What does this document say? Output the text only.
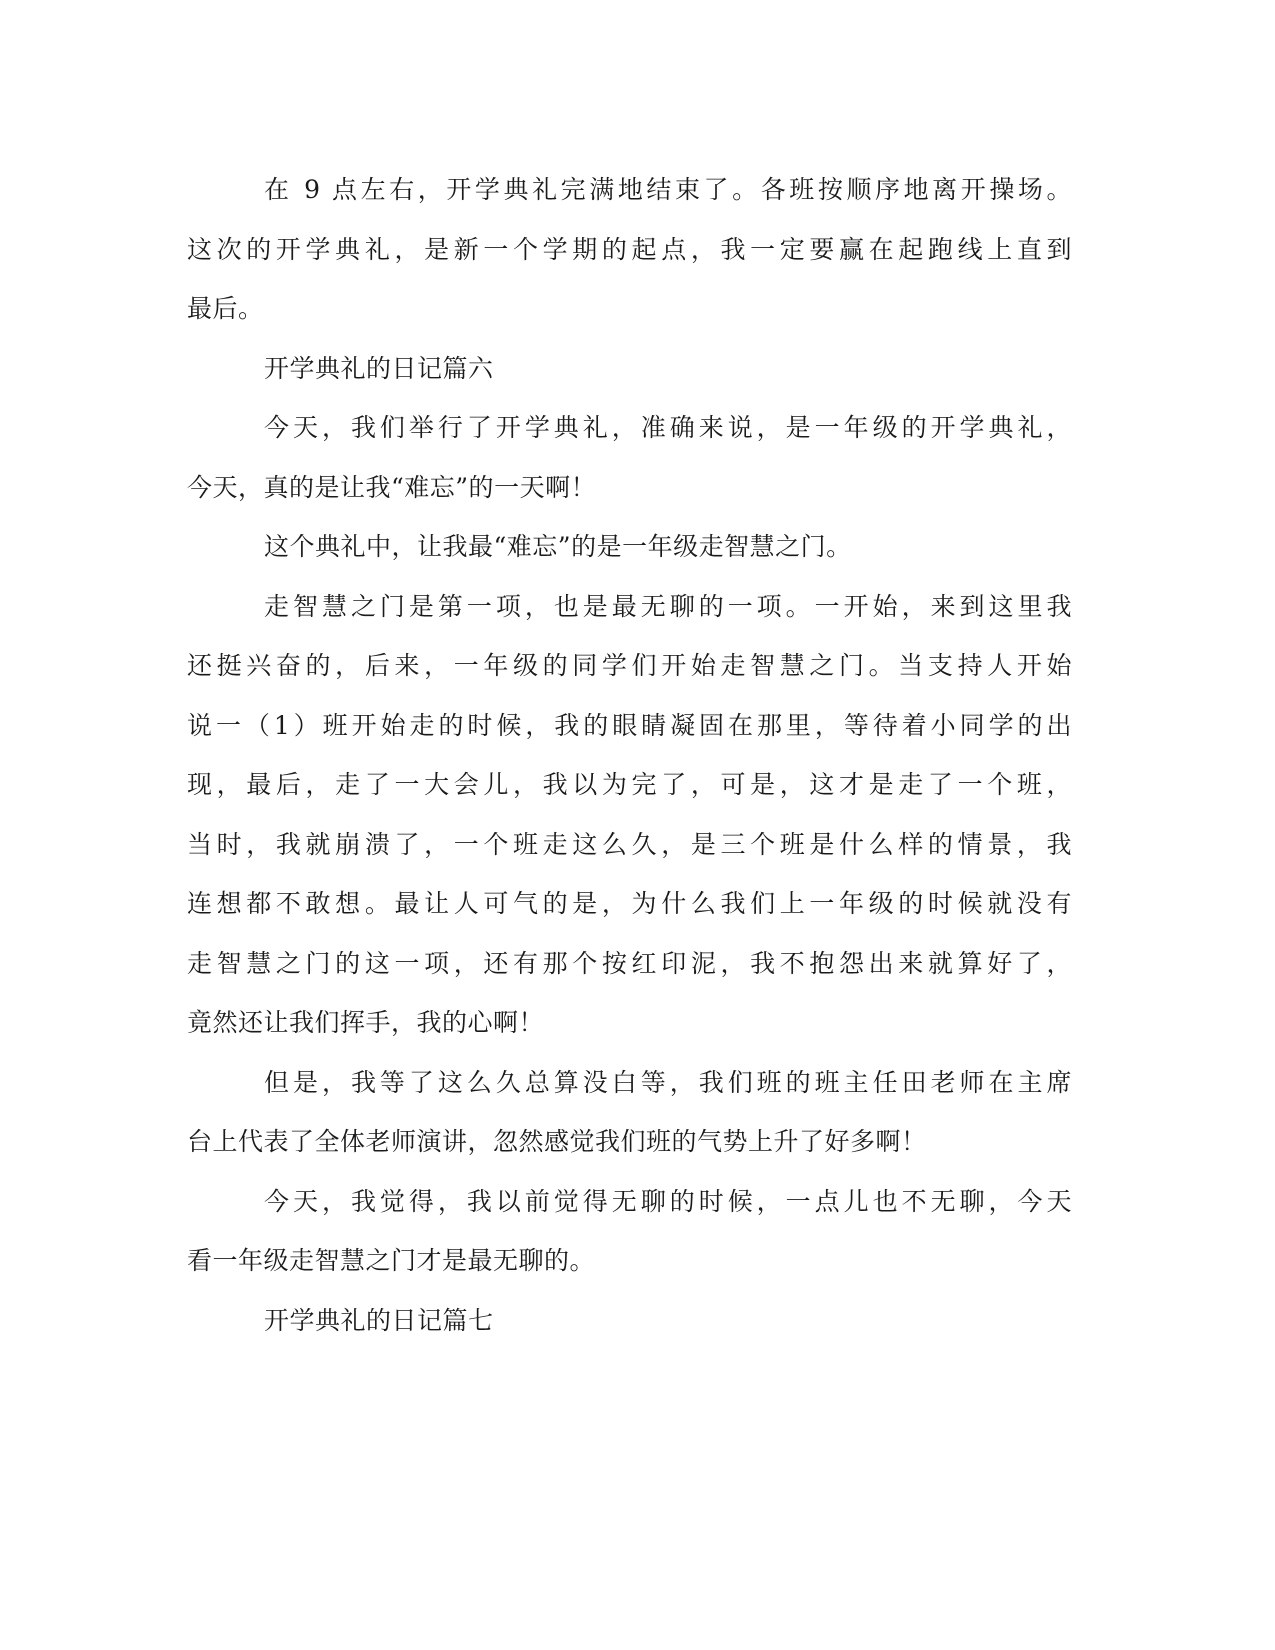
在 9 点左右，开学典礼完满地结束了。各班按顺序地离开操场。
这次的开学典礼，是新一个学期的起点，我一定要赢在起跑线上直到
最后。
开学典礼的日记篇六
今天，我们举行了开学典礼，准确来说，是一年级的开学典礼，
今天，真的是让我“难忘”的一天啊！
这个典礼中，让我最“难忘”的是一年级走智慧之门。
走智慧之门是第一项，也是最无聊的一项。一开始，来到这里我
还挺兴奋的，后来，一年级的同学们开始走智慧之门。当支持人开始
说一（1）班开始走的时候，我的眼睛凝固在那里，等待着小同学的出
现，最后，走了一大会儿，我以为完了，可是，这才是走了一个班，
当时，我就崩溃了，一个班走这么久，是三个班是什么样的情景，我
连想都不敢想。最让人可气的是，为什么我们上一年级的时候就没有
走智慧之门的这一项，还有那个按红印泥，我不抱怨出来就算好了，
竟然还让我们挥手，我的心啊！
但是，我等了这么久总算没白等，我们班的班主任田老师在主席
台上代表了全体老师演讲，忽然感觉我们班的气势上升了好多啊！
今天，我觉得，我以前觉得无聊的时候，一点儿也不无聊，今天
看一年级走智慧之门才是最无聊的。
开学典礼的日记篇七
